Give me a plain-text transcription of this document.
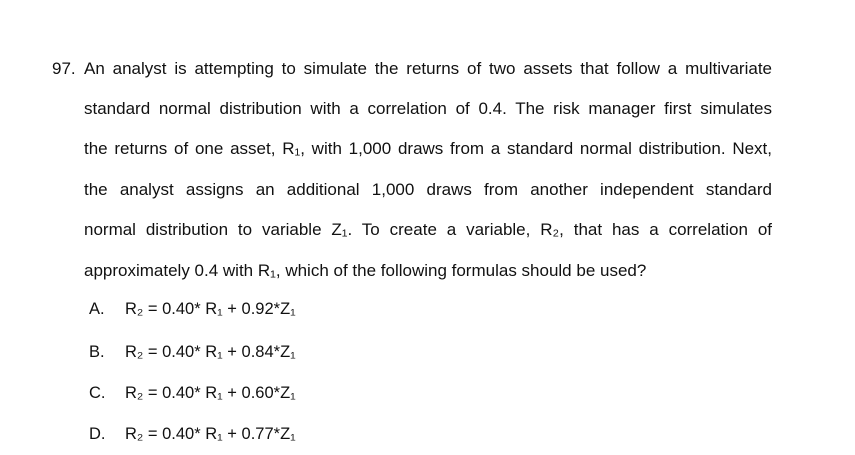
97. An analyst is attempting to simulate the returns of two assets that follow a multivariate
standard normal distribution with a correlation of 0.4. The risk manager first simulates
the returns of one asset, R₁, with 1,000 draws from a standard normal distribution. Next,
the analyst assigns an additional 1,000 draws from another independent standard
normal distribution to variable Z₁. To create a variable, R₂, that has a correlation of
approximately 0.4 with R₁, which of the following formulas should be used?
A. R₂ = 0.40* R₁ + 0.92*Z₁
B. R₂ = 0.40* R₁ + 0.84*Z₁
C. R₂ = 0.40* R₁ + 0.60*Z₁
D. R₂ = 0.40* R₁ + 0.77*Z₁
